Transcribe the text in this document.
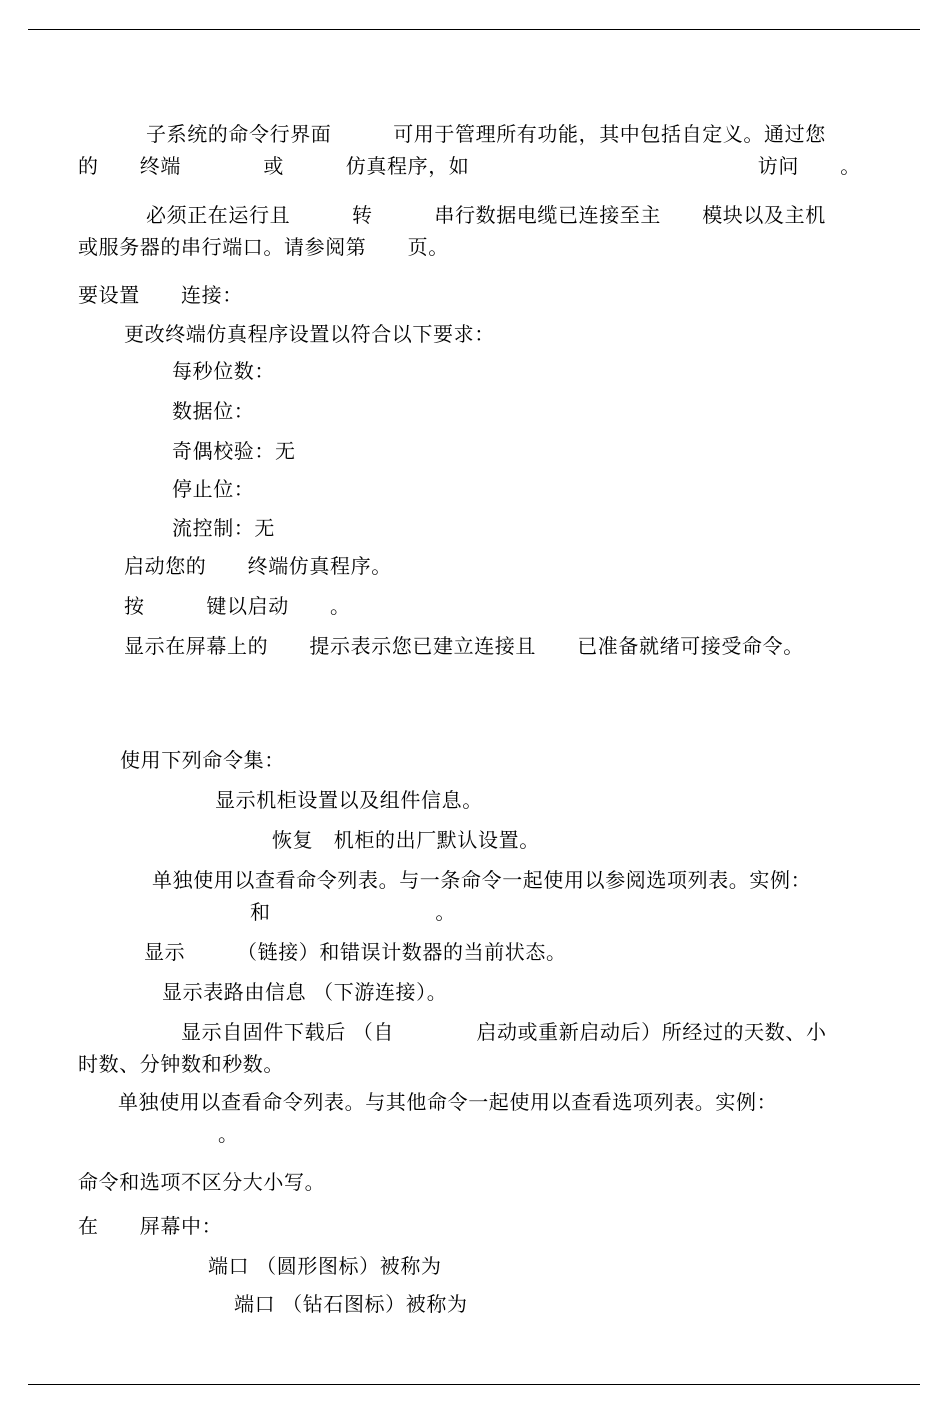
子系统的命令行界面　　　可用于管理所有功能，其中包括自定义。通过您
的　　终端　　　　或　　　仿真程序，如　　　　　　　　　　　　　　访问　　。
必须正在运行且　　　转　　　串行数据电缆已连接至主　　模块以及主机
或服务器的串行端口。请参阅第　　页。
要设置　　连接：
更改终端仿真程序设置以符合以下要求：
每秒位数：
数据位：
奇偶校验：无
停止位：
流控制：无
启动您的　　终端仿真程序。
按　　　键以启动　　。
显示在屏幕上的　　提示表示您已建立连接且　　已准备就绪可接受命令。
使用下列命令集：
显示机柜设置以及组件信息。
恢复　机柜的出厂默认设置。
单独使用以查看命令列表。与一条命令一起使用以参阅选项列表。实例：
和　　　　　　　　。
显示　　　（链接）和错误计数器的当前状态。
显示表路由信息 （下游连接）。
显示自固件下载后 （自　　　　启动或重新启动后）所经过的天数、小
时数、分钟数和秒数。
单独使用以查看命令列表。与其他命令一起使用以查看选项列表。实例：
。
命令和选项不区分大小写。
在　　屏幕中：
端口 （圆形图标）被称为
端口 （钻石图标）被称为
